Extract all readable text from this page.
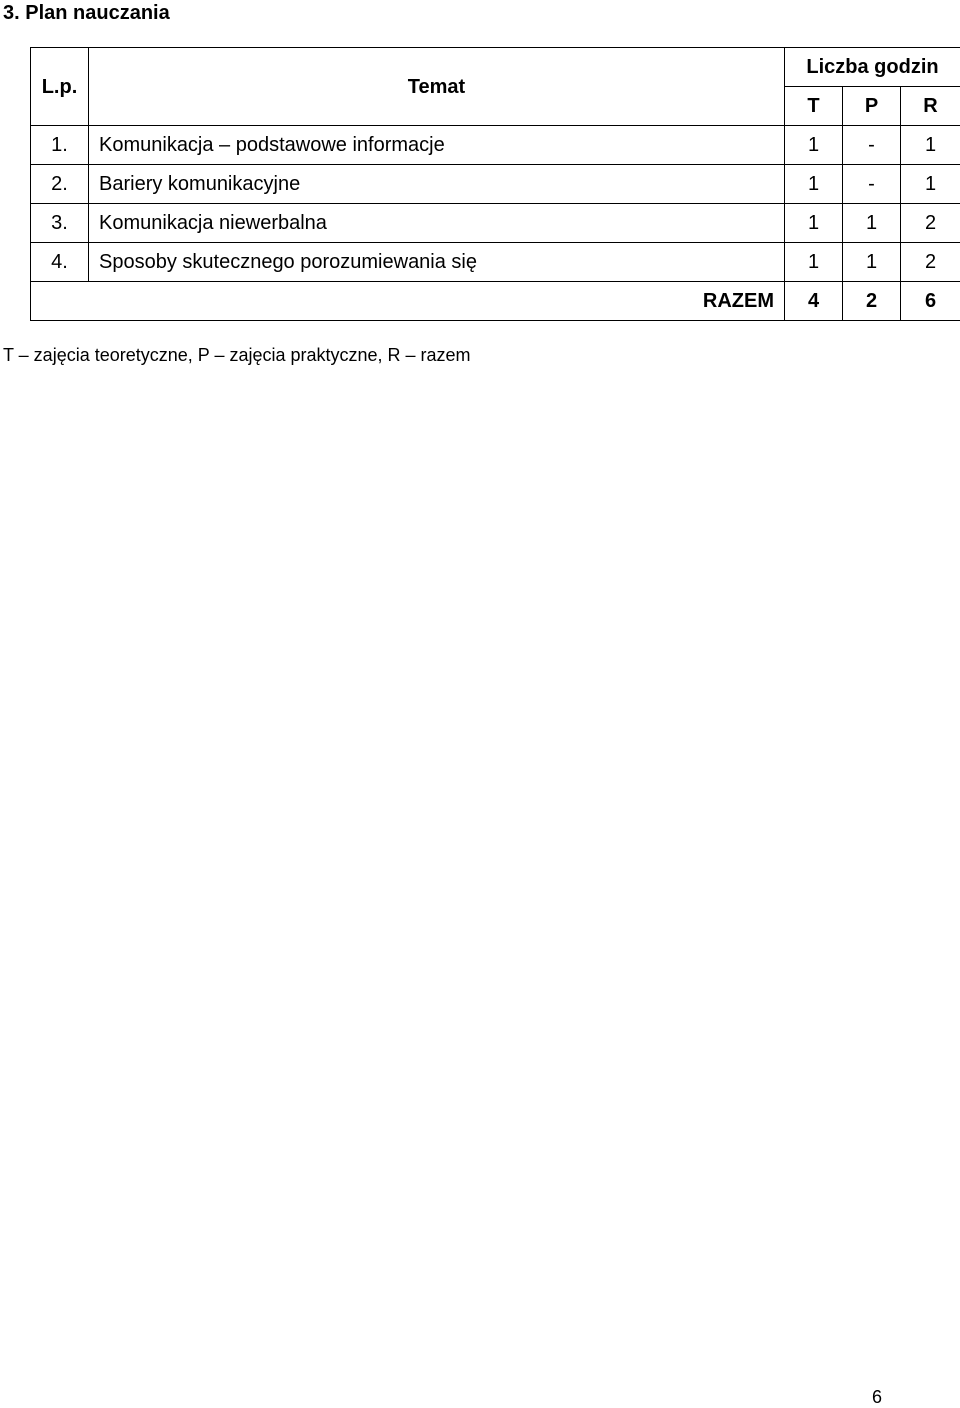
3. Plan nauczania
L.p.	Temat	Liczba godzin		
		T	P	R
1.	Komunikacja – podstawowe informacje	1	-	1
2.	Bariery komunikacyjne	1	-	1
3.	Komunikacja niewerbalna	1	1	2
4.	Sposoby skutecznego porozumiewania się	1	1	2
RAZEM		4	2	6
T – zajęcia teoretyczne, P – zajęcia praktyczne, R – razem
6
